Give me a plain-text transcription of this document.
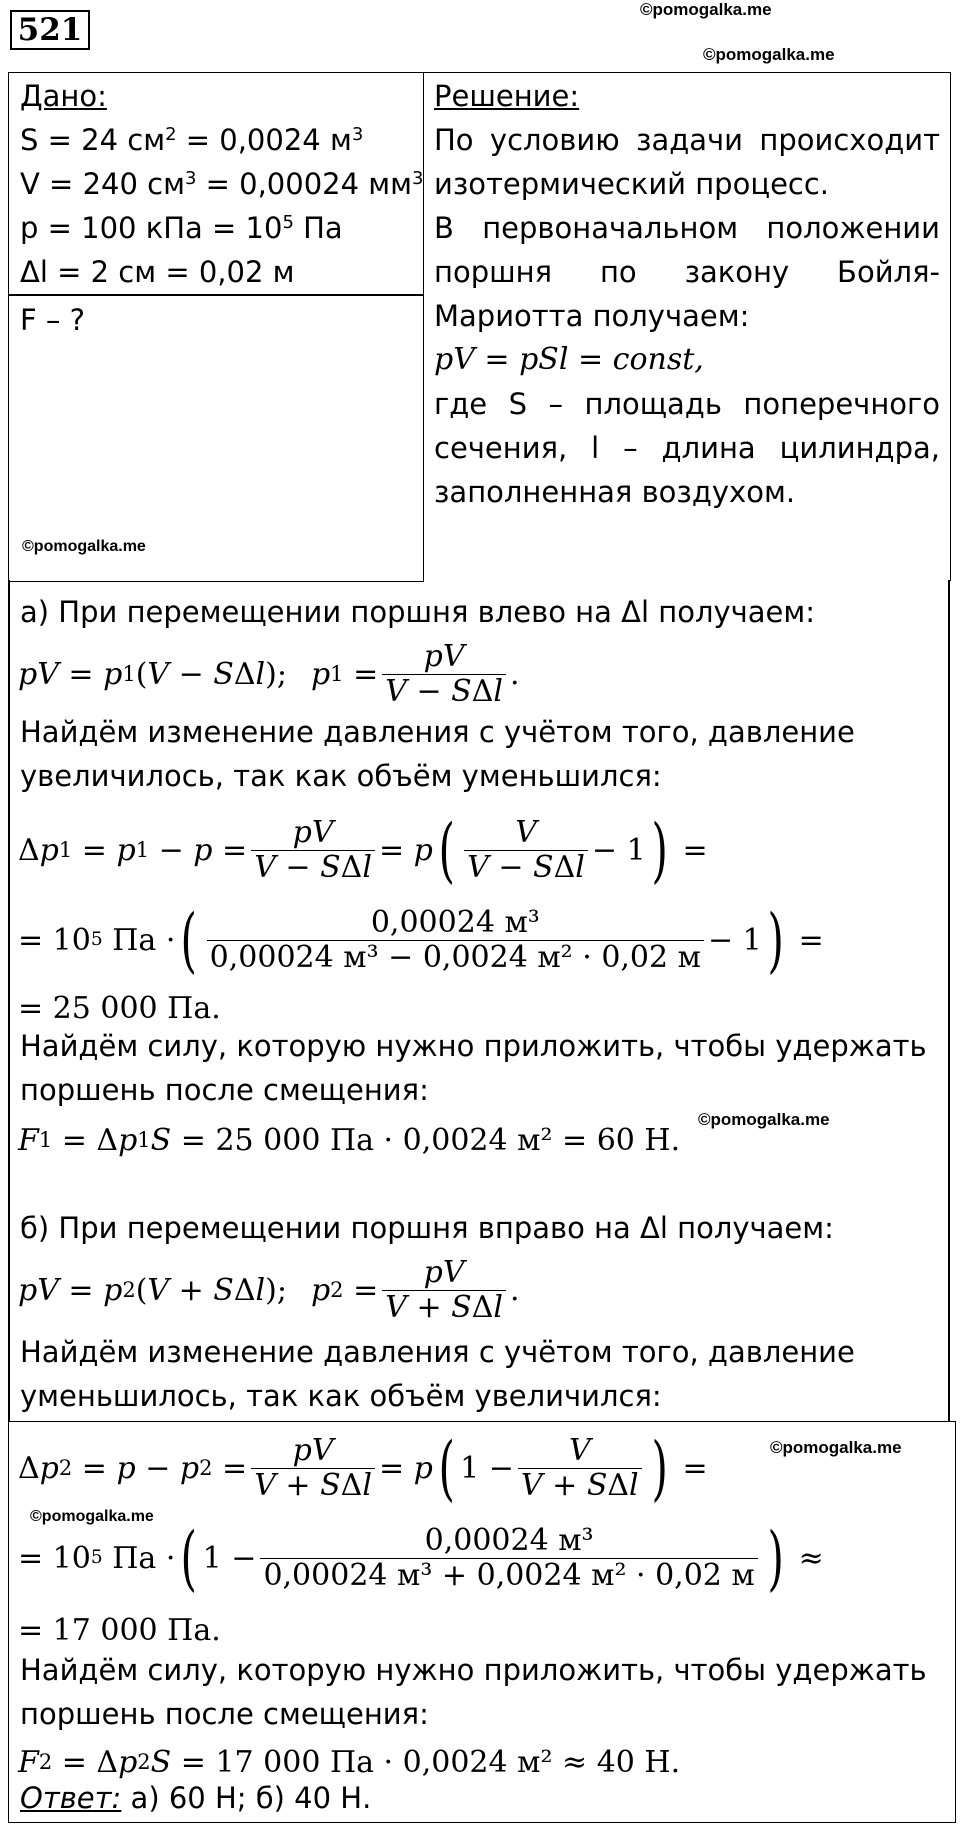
521
©pomogalka.me
©pomogalka.me
Дано:
S = 24 $см^2 = 0,0024$ $м^3$
V = 240 $см^3 = 0,00024$ $мм^3$
p = 100 кПа = $10^5$ Па
Δl = 2 см = 0,02 м
F – ?
©pomogalka.me
Решение:
По условию задачи происходит
изотермический процесс.
В первоначальном положении
поршня по закону Бойля-
Мариотта получаем:
pV = pSl = const,
где S – площадь поперечного
сечения, l – длина цилиндра,
заполненная воздухом.
а) При перемещении поршня влево на Δl получаем:
pV = p 1 ( V − S Δ l ); p $1 = \frac{pV}{\text{V − SΔl}}$ .
Найдём изменение давления с учётом того, давление
увеличилось, так как объём уменьшился:
Δ p 1 = p $1 - p = \frac{pV}{\text{V − SΔl}} = p$ ( $\frac{V}{\text{V − SΔl}} - 1$ ) =
= 10 5 Па · ( $\frac{\text{0,00024 м³}}{\text{0,00024 м³ − 0,0024 м² · 0,02 м}} - 1$ ) =
= 25 000 Па.
Найдём силу, которую нужно приложить, чтобы удержать
поршень после смещения:
F 1 = Δ p 1 S
= 25 000 Па · 0,0024 м² = 60 Н.
©pomogalka.me
б) При перемещении поршня вправо на Δl получаем:
pV = p 2 ( V + S Δ l ); p $2 = \frac{pV}{\text{V + SΔl}}$ .
Найдём изменение давления с учётом того, давление
уменьшилось, так как объём увеличился:
Δ p 2 = p − p $2 = \frac{pV}{\text{V + SΔl}} = p$ ( $1 - \frac{V}{\text{V + SΔl}}$ ) =
©pomogalka.me
©pomogalka.me
= 10 5 Па · ( $1 - \frac{\text{0,00024 м³}}{\text{0,00024 м³ + 0,0024 м² · 0,02 м}}$ ) ≈
= 17 000 Па.
Найдём силу, которую нужно приложить, чтобы удержать
поршень после смещения:
F 2 = Δ p 2 S
= 17 000 Па · 0,0024 м² ≈ 40 Н.
Ответ: а) 60 Н; б) 40 Н.
